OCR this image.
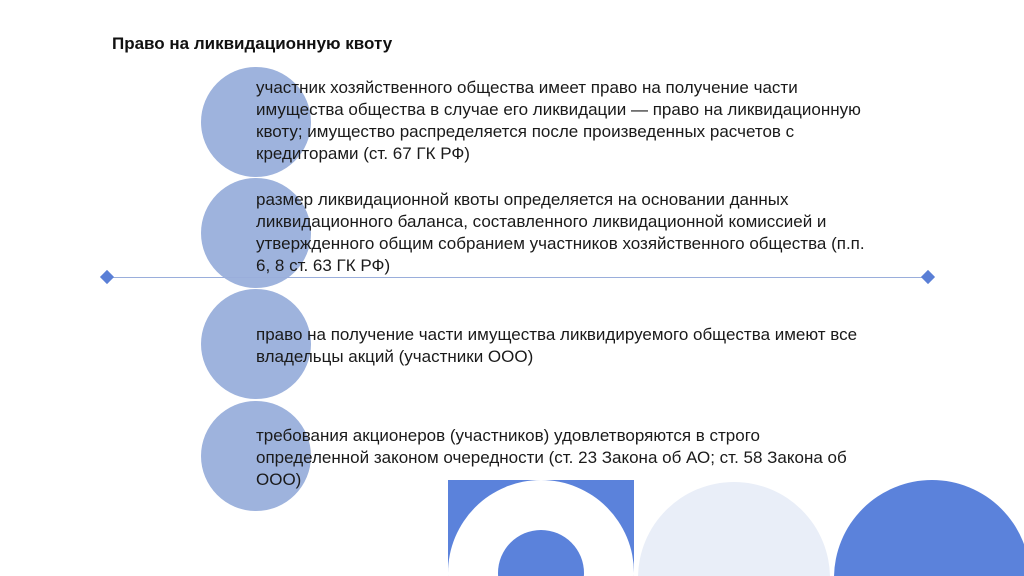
Право на ликвидационную квоту
участник хозяйственного общества имеет право на получение части имущества общества в случае его ликвидации — право на ликвидационную квоту; имущество распределяется после произведенных расчетов с кредиторами (ст. 67 ГК РФ)
размер ликвидационной квоты определяется на основании данных ликвидационного баланса, составленного ликвидационной комиссией и утвержденного общим собранием участников хозяйственного общества (п.п. 6, 8 ст. 63 ГК РФ)
право на получение части имущества ликвидируемого общества имеют все владельцы акций (участники ООО)
требования акционеров (участников) удовлетворяются в строго определенной законом очередности (ст. 23 Закона об АО; ст. 58 Закона об ООО)
